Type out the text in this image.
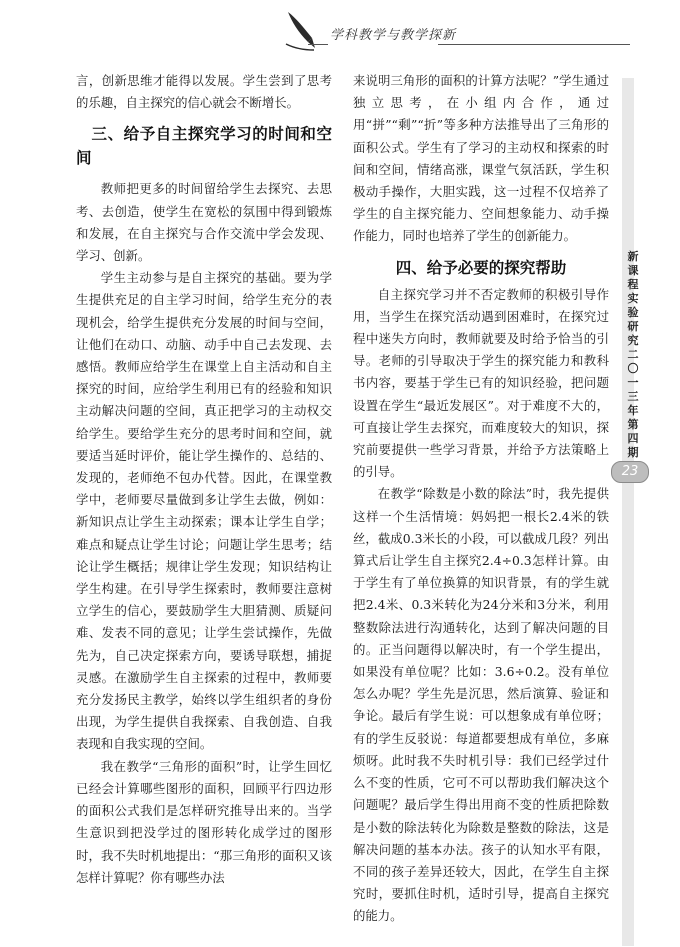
学科教学与教学探新

言，创新思维才能得以发展。学生尝到了思考的乐趣，自主探究的信心就会不断增长。

三、给予自主探究学习的时间和空间

教师把更多的时间留给学生去探究、去思考、去创造，使学生在宽松的氛围中得到锻炼和发展，在自主探究与合作交流中学会发现、学习、创新。

学生主动参与是自主探究的基础。要为学生提供充足的自主学习时间，给学生充分的表现机会，给学生提供充分发展的时间与空间，让他们在动口、动脑、动手中自己去发现、去感悟。教师应给学生在课堂上自主活动和自主探究的时间，应给学生利用已有的经验和知识主动解决问题的空间，真正把学习的主动权交给学生。要给学生充分的思考时间和空间，就要适当延时评价，能让学生操作的、总结的、发现的，老师绝不包办代替。因此，在课堂教学中，老师要尽量做到多让学生去做，例如：新知识点让学生主动探索；课本让学生自学；难点和疑点让学生讨论；问题让学生思考；结论让学生概括；规律让学生发现；知识结构让学生构建。在引导学生探索时，教师要注意树立学生的信心，要鼓励学生大胆猜测、质疑问难、发表不同的意见；让学生尝试操作，先做先为，自己决定探索方向，要诱导联想，捕捉灵感。在激励学生自主探索的过程中，教师要充分发扬民主教学，始终以学生组织者的身份出现，为学生提供自我探索、自我创造、自我表现和自我实现的空间。

我在教学“三角形的面积”时，让学生回忆已经会计算哪些图形的面积，回顾平行四边形的面积公式我们是怎样研究推导出来的。当学生意识到把没学过的图形转化成学过的图形时，我不失时机地提出：“那三角形的面积又该怎样计算呢？你有哪些办法

来说明三角形的面积的计算方法呢？”学生通过独立思考，在小组内合作，通过用“拼”“剩”“折”等多种方法推导出了三角形的面积公式。学生有了学习的主动权和探索的时间和空间，情绪高涨，课堂气氛活跃，学生积极动手操作，大胆实践，这一过程不仅培养了学生的自主探究能力、空间想象能力、动手操作能力，同时也培养了学生的创新能力。

四、给予必要的探究帮助

自主探究学习并不否定教师的积极引导作用，当学生在探究活动遇到困难时，在探究过程中迷失方向时，教师就要及时给予恰当的引导。老师的引导取决于学生的探究能力和教科书内容，要基于学生已有的知识经验，把问题设置在学生“最近发展区”。对于难度不大的，可直接让学生去探究，而难度较大的知识，探究前要提供一些学习背景，并给予方法策略上的引导。

在教学“除数是小数的除法”时，我先提供这样一个生活情境：妈妈把一根长2.4米的铁丝，截成0.3米长的小段，可以截成几段？列出算式后让学生自主探究2.4÷0.3怎样计算。由于学生有了单位换算的知识背景，有的学生就把2.4米、0.3米转化为24分米和3分米，利用整数除法进行沟通转化，达到了解决问题的目的。正当问题得以解决时，有一个学生提出，如果没有单位呢？比如：3.6÷0.2。没有单位怎么办呢？学生先是沉思，然后演算、验证和争论。最后有学生说：可以想象成有单位呀；有的学生反驳说：每道都要想成有单位，多麻烦呀。此时我不失时机引导：我们已经学过什么不变的性质，它可不可以帮助我们解决这个问题呢？最后学生得出用商不变的性质把除数是小数的除法转化为除数是整数的除法，这是解决问题的基本办法。孩子的认知水平有限，不同的孩子差异还较大，因此，在学生自主探究时，要抓住时机，适时引导，提高自主探究的能力。

新课程实验研究 二〇一三年 第四期
23
